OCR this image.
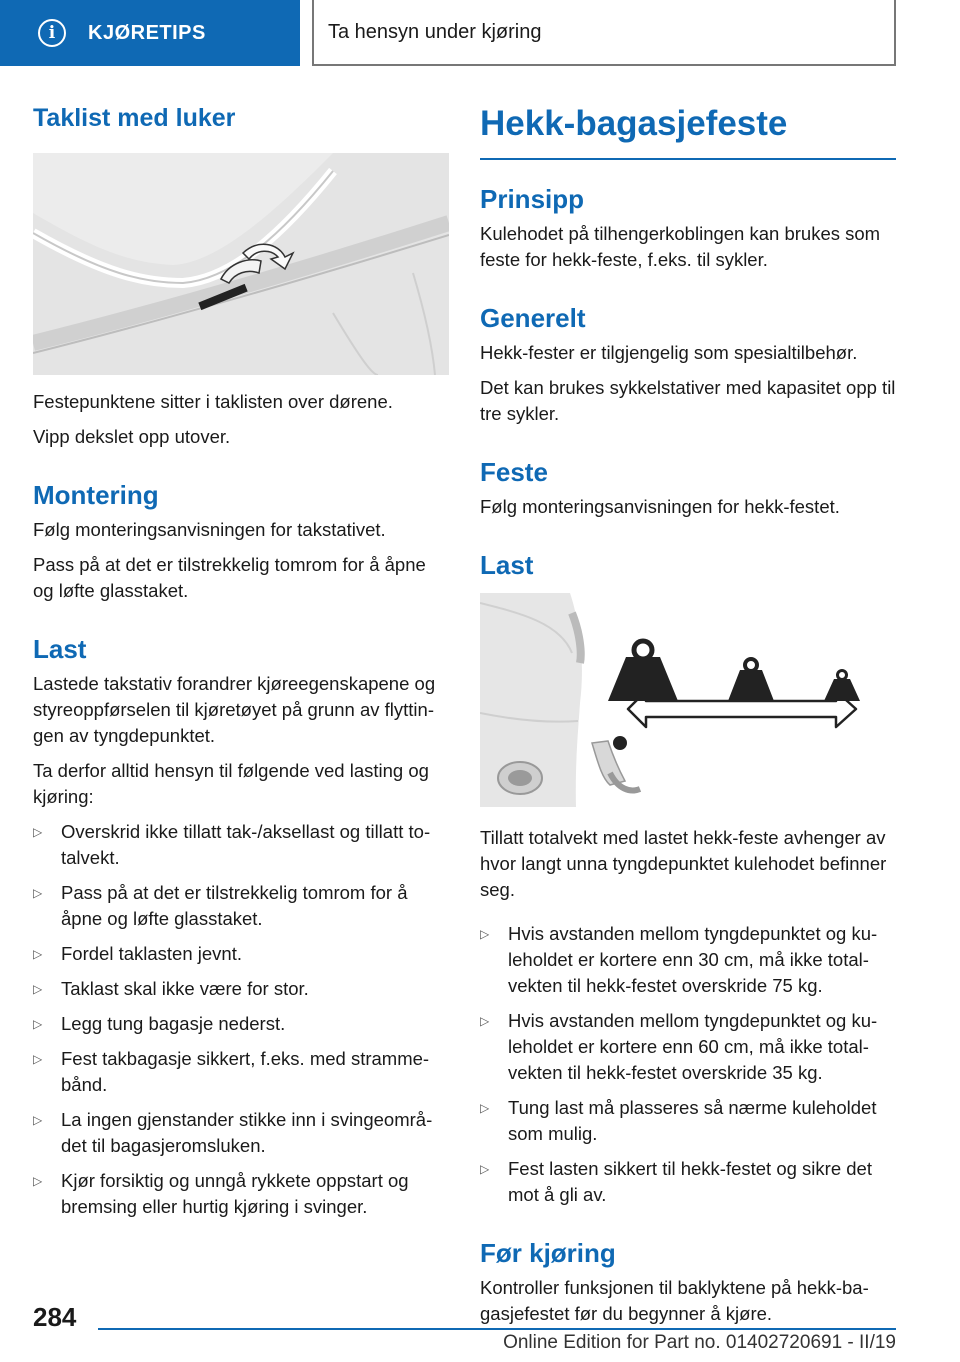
i	KJØRETIPS	Ta hensyn under kjøring
Taklist med luker

Festepunktene sitter i taklisten over dørene.

Vipp dekslet opp utover.

Montering

Følg monteringsanvisningen for takstativet.

Pass på at det er tilstrekkelig tomrom for å åpne og løfte glasstaket.

Last

Lastede takstativ forandrer kjøreegenskapene og styreoppførselen til kjøretøyet på grunn av flyttingen av tyngdepunktet.

Ta derfor alltid hensyn til følgende ved lasting og kjøring:

▷ Overskrid ikke tillatt tak-/aksellast og tillatt totalvekt.
▷ Pass på at det er tilstrekkelig tomrom for å åpne og løfte glasstaket.
▷ Fordel taklasten jevnt.
▷ Taklast skal ikke være for stor.
▷ Legg tung bagasje nederst.
▷ Fest takbagasje sikkert, f.eks. med strammebånd.
▷ La ingen gjenstander stikke inn i svingeområdet til bagasjeromsluken.
▷ Kjør forsiktig og unngå rykkete oppstart og bremsing eller hurtig kjøring i svinger.
Hekk-bagasjefeste
Prinsipp

Kulehodet på tilhengerkoblingen kan brukes som feste for hekk-feste, f.eks. til sykler.

Generelt

Hekk-fester er tilgjengelig som spesialtilbehør.

Det kan brukes sykkelstativer med kapasitet opp til tre sykler.

Feste

Følg monteringsanvisningen for hekk-festet.

Last

Tillatt totalvekt med lastet hekk-feste avhenger av hvor langt unna tyngdepunktet kulehodet befinner seg.

▷ Hvis avstanden mellom tyngdepunktet og kuleholdet er kortere enn 30 cm, må ikke totalvekten til hekk-festet overskride 75 kg.
▷ Hvis avstanden mellom tyngdepunktet og kuleholdet er kortere enn 60 cm, må ikke totalvekten til hekk-festet overskride 35 kg.
▷ Tung last må plasseres så nærme kuleholdet som mulig.
▷ Fest lasten sikkert til hekk-festet og sikre det mot å gli av.
Før kjøring

Kontroller funksjonen til baklyktene på hekk-bagasjefestet før du begynner å kjøre.

284
Online Edition for Part no. 01402720691 - II/19
